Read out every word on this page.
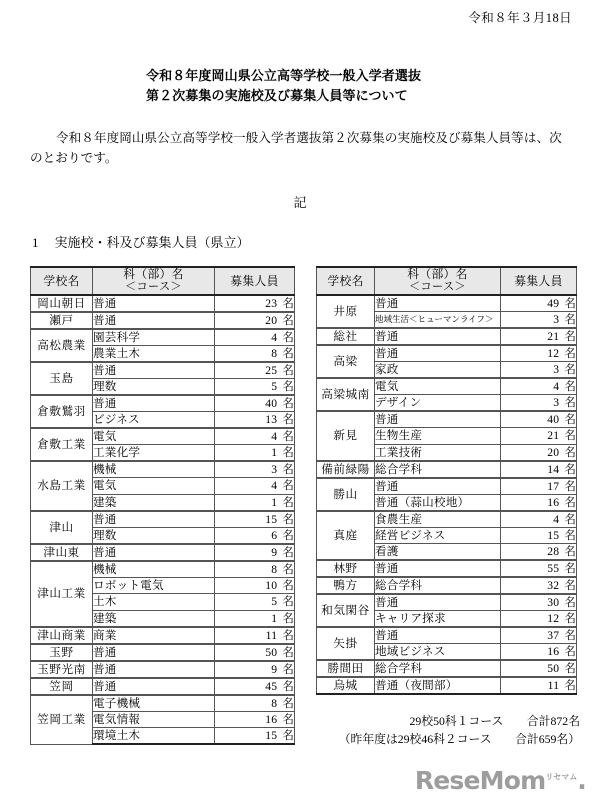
令和８年３月18日
令和８年度岡山県公立高等学校一般入学者選抜
第２次募集の実施校及び募集人員等について
令和８年度岡山県公立高等学校一般入学者選抜第２次募集の実施校及び募集人員等は、次
のとおりです。
記
1 実施校・科及び募集人員（県立）
学校名	科（部）名
＜コース＞	募集人員
岡山朝日	普通	23 名
瀬戸	普通	20 名
高松農業	園芸科学	4 名
	農業土木	8 名
玉島	普通	25 名
	理数	5 名
倉敷鷲羽	普通	40 名
	ビジネス	13 名
倉敷工業	電気	4 名
	工業化学	1 名
水島工業	機械	3 名
	電気	4 名
	建築	1 名
津山	普通	15 名
	理数	6 名
津山東	普通	9 名
津山工業	機械	8 名
	ロボット電気	10 名
	土木	5 名
	建築	1 名
津山商業	商業	11 名
玉野	普通	50 名
玉野光南	普通	9 名
笠岡	普通	45 名
笠岡工業	電子機械	8 名
	電気情報	16 名
	環境土木	15 名
学校名	科（部）名
＜コース＞	募集人員
井原	普通	49 名
	地域生活＜ヒューマンライフ＞	3 名
総社	普通	21 名
高梁	普通	12 名
	家政	3 名
高梁城南	電気	4 名
	デザイン	3 名
新見	普通	40 名
	生物生産	21 名
	工業技術	20 名
備前緑陽	総合学科	14 名
勝山	普通	17 名
	普通（蒜山校地）	16 名
真庭	食農生産	4 名
	経営ビジネス	15 名
	看護	28 名
林野	普通	55 名
鴨方	総合学科	32 名
和気閑谷	普通	30 名
	キャリア探求	12 名
矢掛	普通	37 名
	地域ビジネス	16 名
勝間田	総合学科	50 名
烏城	普通（夜間部）	11 名
29校50科１コース　　合計872名
（昨年度は29校46科２コース　　合計659名）
ReseMom$^{リセマム}$.
